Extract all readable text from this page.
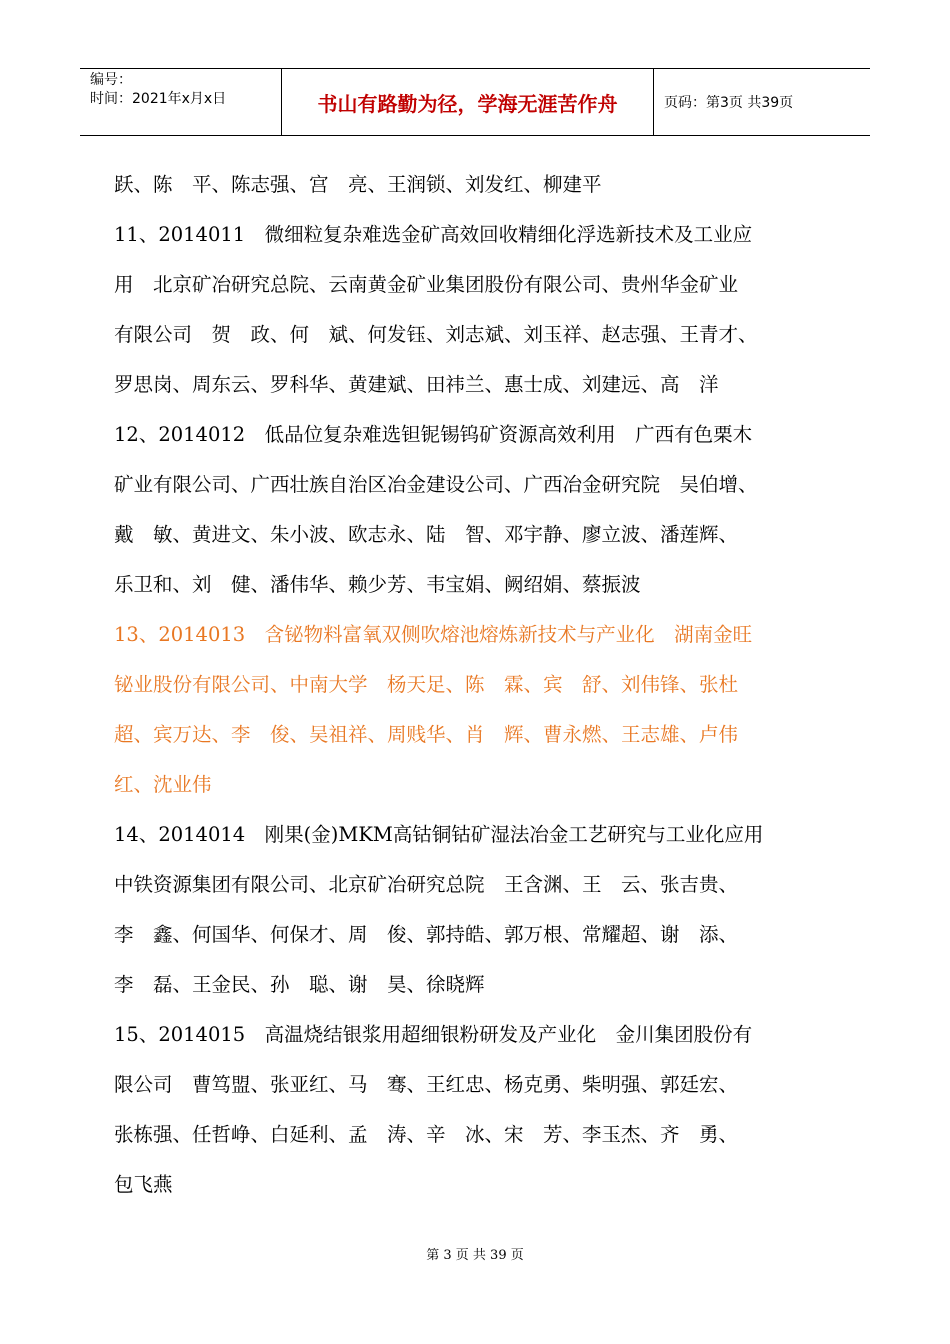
编号：
时间：2021年x月x日	书山有路勤为径，学海无涯苦作舟	页码：第3页 共39页

跃、陈　平、陈志强、宫　亮、王润锁、刘发红、柳建平

11、2014011　微细粒复杂难选金矿高效回收精细化浮选新技术及工业应

用　北京矿冶研究总院、云南黄金矿业集团股份有限公司、贵州华金矿业

有限公司　贺　政、何　斌、何发钰、刘志斌、刘玉祥、赵志强、王青才、

罗思岗、周东云、罗科华、黄建斌、田祎兰、惠士成、刘建远、高　洋

12、2014012　低品位复杂难选钽铌锡钨矿资源高效利用　广西有色栗木

矿业有限公司、广西壮族自治区冶金建设公司、广西冶金研究院　吴伯增、

戴　敏、黄进文、朱小波、欧志永、陆　智、邓宇静、廖立波、潘莲辉、

乐卫和、刘　健、潘伟华、赖少芳、韦宝娟、阙绍娟、蔡振波

13、2014013　含铋物料富氧双侧吹熔池熔炼新技术与产业化　湖南金旺

铋业股份有限公司、中南大学　杨天足、陈　霖、宾　舒、刘伟锋、张杜

超、宾万达、李　俊、吴祖祥、周贱华、肖　辉、曹永燃、王志雄、卢伟

红、沈业伟

14、2014014　刚果(金)MKM高钴铜钴矿湿法冶金工艺研究与工业化应用

中铁资源集团有限公司、北京矿冶研究总院　王含渊、王　云、张吉贵、

李　鑫、何国华、何保才、周　俊、郭持皓、郭万根、常耀超、谢　添、

李　磊、王金民、孙　聪、谢　昊、徐晓辉

15、2014015　高温烧结银浆用超细银粉研发及产业化　金川集团股份有

限公司　曹笃盟、张亚红、马　骞、王红忠、杨克勇、柴明强、郭廷宏、

张栋强、任哲峥、白延利、孟　涛、辛　冰、宋　芳、李玉杰、齐　勇、

包飞燕

第 3 页 共 39 页
